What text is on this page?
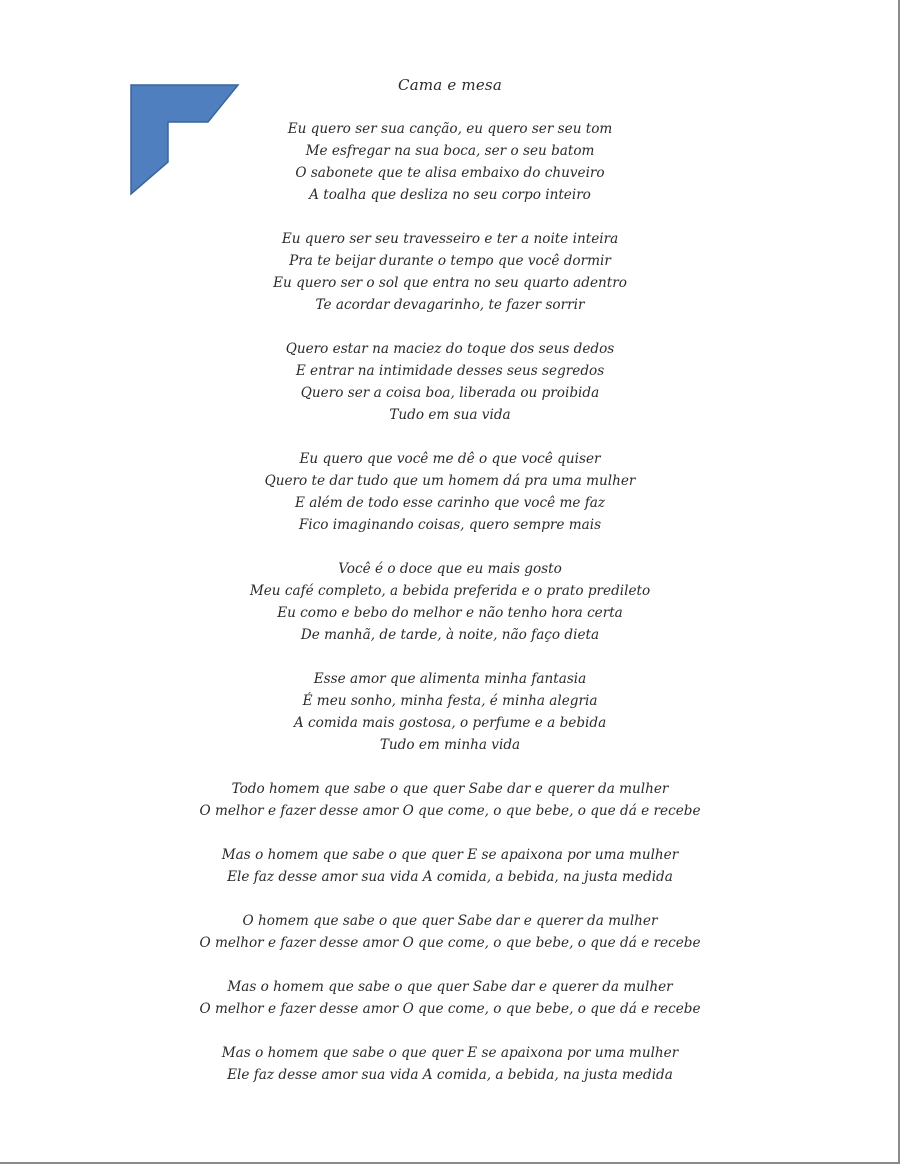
Cama e mesa
Eu quero ser sua canção, eu quero ser seu tom
Me esfregar na sua boca, ser o seu batom
O sabonete que te alisa embaixo do chuveiro
A toalha que desliza no seu corpo inteiro
Eu quero ser seu travesseiro e ter a noite inteira
Pra te beijar durante o tempo que você dormir
Eu quero ser o sol que entra no seu quarto adentro
Te acordar devagarinho, te fazer sorrir
Quero estar na maciez do toque dos seus dedos
E entrar na intimidade desses seus segredos
Quero ser a coisa boa, liberada ou proibida
Tudo em sua vida
Eu quero que você me dê o que você quiser
Quero te dar tudo que um homem dá pra uma mulher
E além de todo esse carinho que você me faz
Fico imaginando coisas, quero sempre mais
Você é o doce que eu mais gosto
Meu café completo, a bebida preferida e o prato predileto
Eu como e bebo do melhor e não tenho hora certa
De manhã, de tarde, à noite, não faço dieta
Esse amor que alimenta minha fantasia
É meu sonho, minha festa, é minha alegria
A comida mais gostosa, o perfume e a bebida
Tudo em minha vida
Todo homem que sabe o que quer Sabe dar e querer da mulher
O melhor e fazer desse amor O que come, o que bebe, o que dá e recebe
Mas o homem que sabe o que quer E se apaixona por uma mulher
Ele faz desse amor sua vida A comida, a bebida, na justa medida
O homem que sabe o que quer Sabe dar e querer da mulher
O melhor e fazer desse amor O que come, o que bebe, o que dá e recebe
Mas o homem que sabe o que quer Sabe dar e querer da mulher
O melhor e fazer desse amor O que come, o que bebe, o que dá e recebe
Mas o homem que sabe o que quer E se apaixona por uma mulher
Ele faz desse amor sua vida A comida, a bebida, na justa medida
